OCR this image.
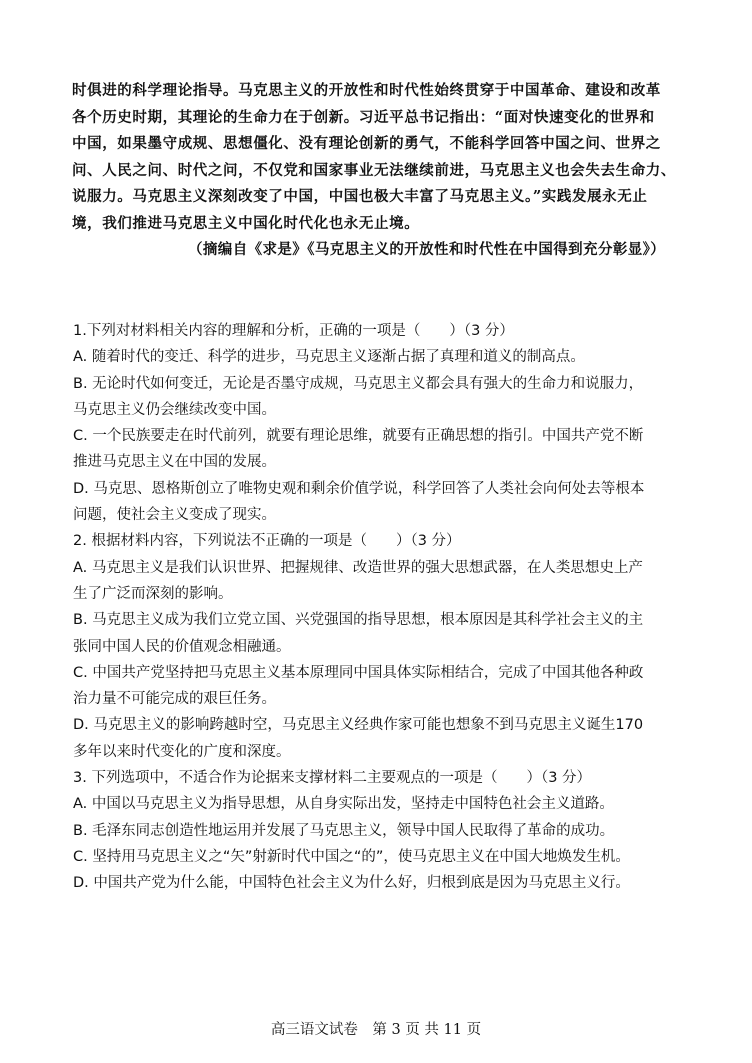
时俱进的科学理论指导。马克思主义的开放性和时代性始终贯穿于中国革命、建设和改革
各个历史时期，其理论的生命力在于创新。习近平总书记指出：“面对快速变化的世界和
中国，如果墨守成规、思想僵化、没有理论创新的勇气，不能科学回答中国之问、世界之
问、人民之问、时代之问，不仅党和国家事业无法继续前进，马克思主义也会失去生命力、
说服力。马克思主义深刻改变了中国，中国也极大丰富了马克思主义。”实践发展永无止
境，我们推进马克思主义中国化时代化也永无止境。
（摘编自《求是》《马克思主义的开放性和时代性在中国得到充分彰显》）
1.下列对材料相关内容的理解和分析，正确的一项是（　　）（3 分）
A. 随着时代的变迁、科学的进步，马克思主义逐渐占据了真理和道义的制高点。
B. 无论时代如何变迁，无论是否墨守成规，马克思主义都会具有强大的生命力和说服力，
马克思主义仍会继续改变中国。
C. 一个民族要走在时代前列，就要有理论思维，就要有正确思想的指引。中国共产党不断
推进马克思主义在中国的发展。
D. 马克思、恩格斯创立了唯物史观和剩余价值学说，科学回答了人类社会向何处去等根本
问题，使社会主义变成了现实。
2. 根据材料内容，下列说法不正确的一项是（　　）（3 分）
A. 马克思主义是我们认识世界、把握规律、改造世界的强大思想武器，在人类思想史上产
生了广泛而深刻的影响。
B. 马克思主义成为我们立党立国、兴党强国的指导思想，根本原因是其科学社会主义的主
张同中国人民的价值观念相融通。
C. 中国共产党坚持把马克思主义基本原理同中国具体实际相结合，完成了中国其他各种政
治力量不可能完成的艰巨任务。
D. 马克思主义的影响跨越时空，马克思主义经典作家可能也想象不到马克思主义诞生170
多年以来时代变化的广度和深度。
3. 下列选项中，不适合作为论据来支撑材料二主要观点的一项是（　　）（3 分）
A. 中国以马克思主义为指导思想，从自身实际出发，坚持走中国特色社会主义道路。
B. 毛泽东同志创造性地运用并发展了马克思主义，领导中国人民取得了革命的成功。
C. 坚持用马克思主义之“矢”射新时代中国之“的”，使马克思主义在中国大地焕发生机。
D. 中国共产党为什么能，中国特色社会主义为什么好，归根到底是因为马克思主义行。
高三语文试卷　第 3 页 共 11 页
